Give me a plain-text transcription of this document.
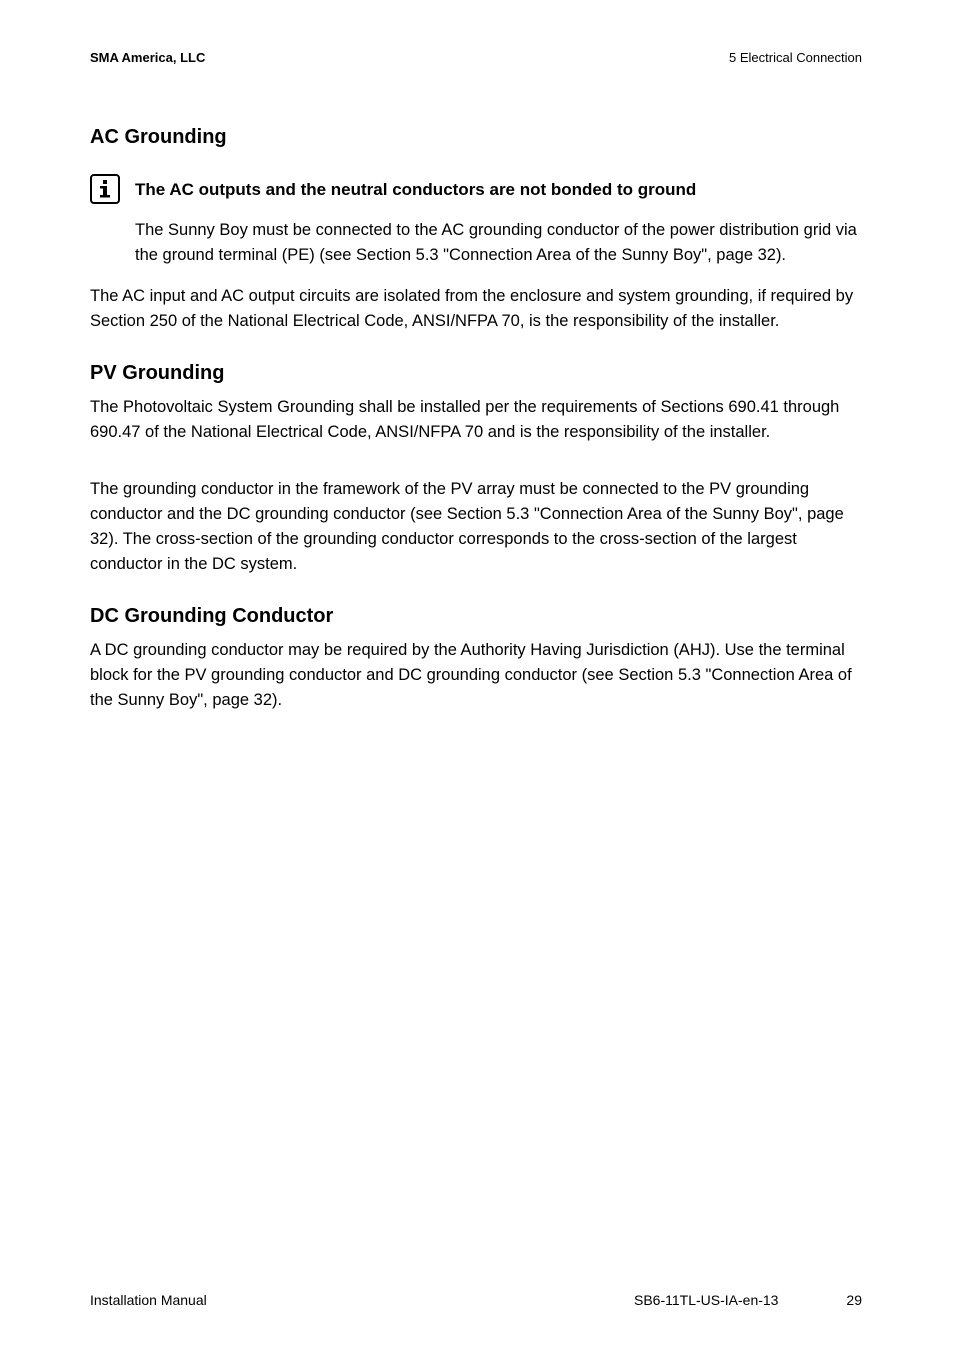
SMA America, LLC	5 Electrical Connection
AC Grounding

The AC outputs and the neutral conductors are not bonded to ground

The Sunny Boy must be connected to the AC grounding conductor of the power distribution grid via the ground terminal (PE) (see Section 5.3 "Connection Area of the Sunny Boy", page 32).

The AC input and AC output circuits are isolated from the enclosure and system grounding, if required by Section 250 of the National Electrical Code, ANSI/NFPA 70, is the responsibility of the installer.

PV Grounding

The Photovoltaic System Grounding shall be installed per the requirements of Sections 690.41 through 690.47 of the National Electrical Code, ANSI/NFPA 70 and is the responsibility of the installer.

The grounding conductor in the framework of the PV array must be connected to the PV grounding conductor and the DC grounding conductor (see Section 5.3 "Connection Area of the Sunny Boy", page 32). The cross-section of the grounding conductor corresponds to the cross-section of the largest conductor in the DC system.

DC Grounding Conductor

A DC grounding conductor may be required by the Authority Having Jurisdiction (AHJ). Use the terminal block for the PV grounding conductor and DC grounding conductor (see Section 5.3 "Connection Area of the Sunny Boy", page 32).

Installation Manual	SB6-11TL-US-IA-en-13	29
